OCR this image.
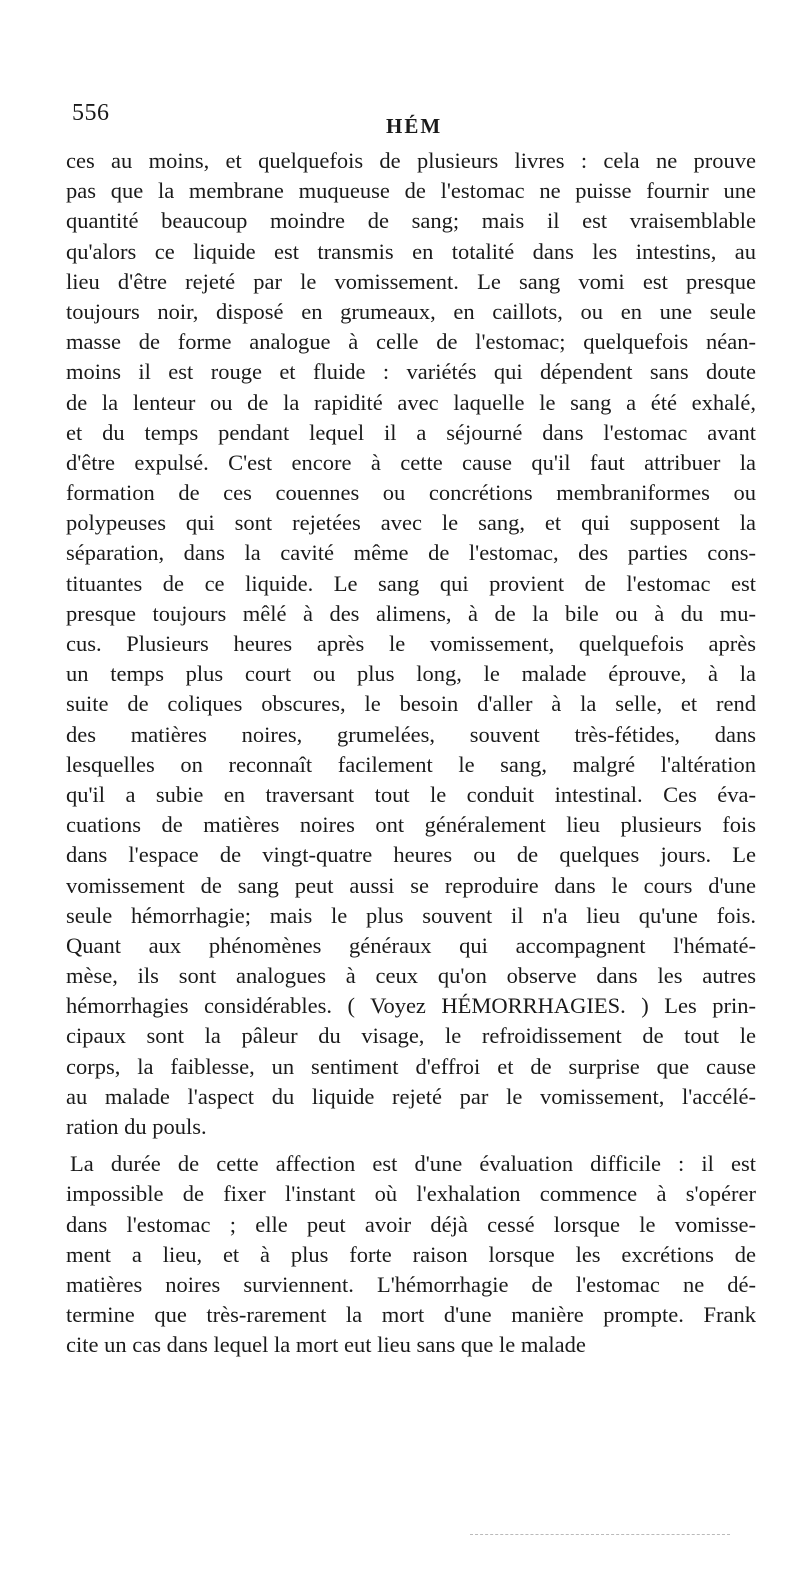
556	HÉM
ces au moins, et quelquefois de plusieurs livres : cela ne prouve
pas que la membrane muqueuse de l'estomac ne puisse fournir une
quantité beaucoup moindre de sang; mais il est vraisemblable
qu'alors ce liquide est transmis en totalité dans les intestins, au
lieu d'être rejeté par le vomissement. Le sang vomi est presque
toujours noir, disposé en grumeaux, en caillots, ou en une seule
masse de forme analogue à celle de l'estomac; quelquefois néan-
moins il est rouge et fluide : variétés qui dépendent sans doute
de la lenteur ou de la rapidité avec laquelle le sang a été exhalé,
et du temps pendant lequel il a séjourné dans l'estomac avant
d'être expulsé. C'est encore à cette cause qu'il faut attribuer la
formation de ces couennes ou concrétions membraniformes ou
polypeuses qui sont rejetées avec le sang, et qui supposent la
séparation, dans la cavité même de l'estomac, des parties cons-
tituantes de ce liquide. Le sang qui provient de l'estomac est
presque toujours mêlé à des alimens, à de la bile ou à du mu-
cus. Plusieurs heures après le vomissement, quelquefois après
un temps plus court ou plus long, le malade éprouve, à la
suite de coliques obscures, le besoin d'aller à la selle, et rend
des matières noires, grumelées, souvent très-fétides, dans
lesquelles on reconnaît facilement le sang, malgré l'altération
qu'il a subie en traversant tout le conduit intestinal. Ces éva-
cuations de matières noires ont généralement lieu plusieurs fois
dans l'espace de vingt-quatre heures ou de quelques jours. Le
vomissement de sang peut aussi se reproduire dans le cours d'une
seule hémorrhagie; mais le plus souvent il n'a lieu qu'une fois.
Quant aux phénomènes généraux qui accompagnent l'hématé-
mèse, ils sont analogues à ceux qu'on observe dans les autres
hémorrhagies considérables. ( Voyez HÉMORRHAGIES. ) Les prin-
cipaux sont la pâleur du visage, le refroidissement de tout le
corps, la faiblesse, un sentiment d'effroi et de surprise que cause
au malade l'aspect du liquide rejeté par le vomissement, l'accélé-
ration du pouls.
La durée de cette affection est d'une évaluation difficile : il est
impossible de fixer l'instant où l'exhalation commence à s'opérer
dans l'estomac ; elle peut avoir déjà cessé lorsque le vomisse-
ment a lieu, et à plus forte raison lorsque les excrétions de
matières noires surviennent. L'hémorrhagie de l'estomac ne dé-
termine que très-rarement la mort d'une manière prompte. Frank
cite un cas dans lequel la mort eut lieu sans que le malade
